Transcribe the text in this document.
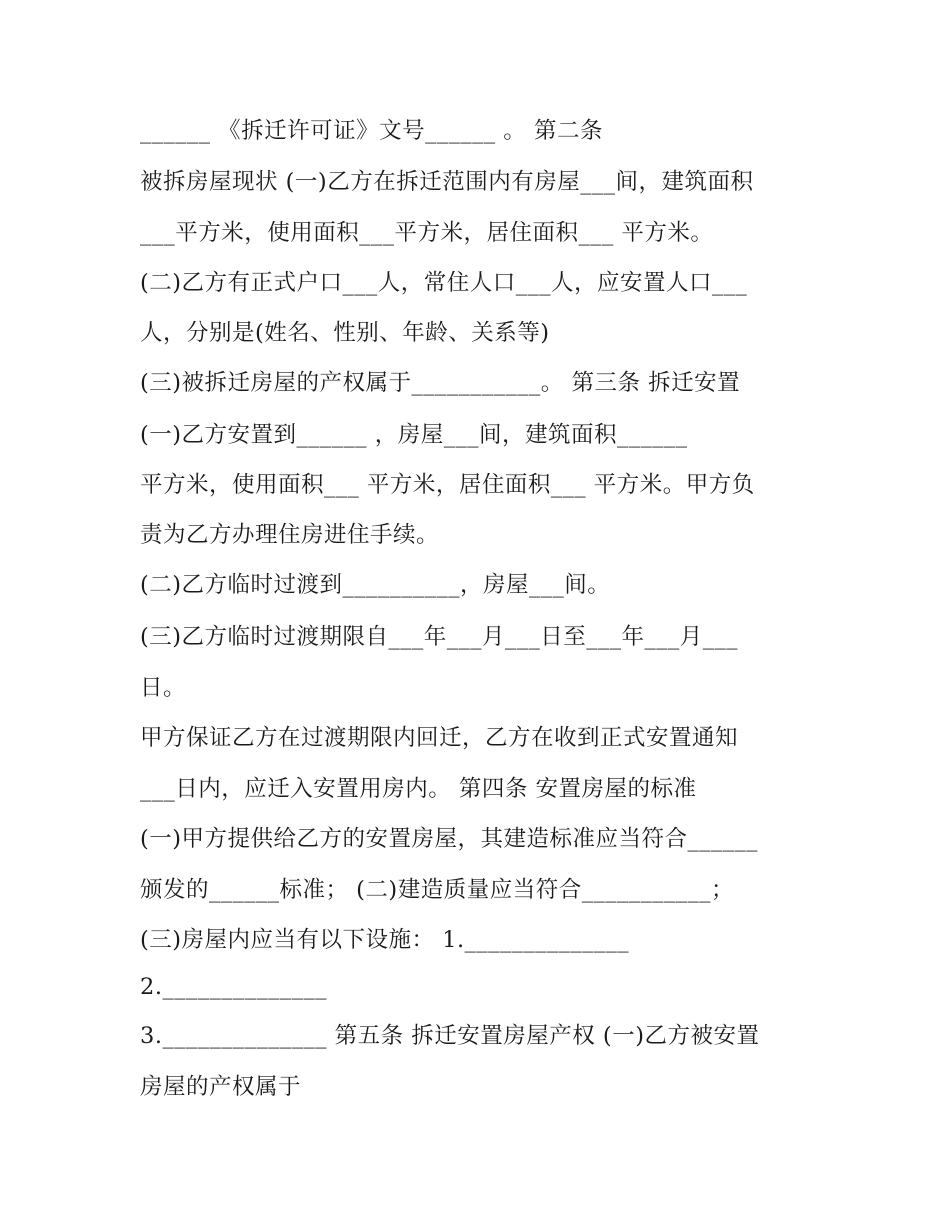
______ 《拆迁许可证》文号______ 。 第二条
被拆房屋现状 (一)乙方在拆迁范围内有房屋___间，建筑面积
___平方米，使用面积___平方米，居住面积___ 平方米。
(二)乙方有正式户口___人，常住人口___人，应安置人口___
人，分别是(姓名、性别、年龄、关系等)
(三)被拆迁房屋的产权属于___________。 第三条 拆迁安置
(一)乙方安置到______ ，房屋___间，建筑面积______
平方米，使用面积___ 平方米，居住面积___ 平方米。甲方负
责为乙方办理住房进住手续。
(二)乙方临时过渡到__________，房屋___间。
(三)乙方临时过渡期限自___年___月___日至___年___月___
日。
甲方保证乙方在过渡期限内回迁，乙方在收到正式安置通知
___日内，应迁入安置用房内。 第四条 安置房屋的标准
(一)甲方提供给乙方的安置房屋，其建造标准应当符合______
颁发的______标准； (二)建造质量应当符合___________；
(三)房屋内应当有以下设施： 1.______________
2.______________
3.______________ 第五条 拆迁安置房屋产权 (一)乙方被安置
房屋的产权属于
